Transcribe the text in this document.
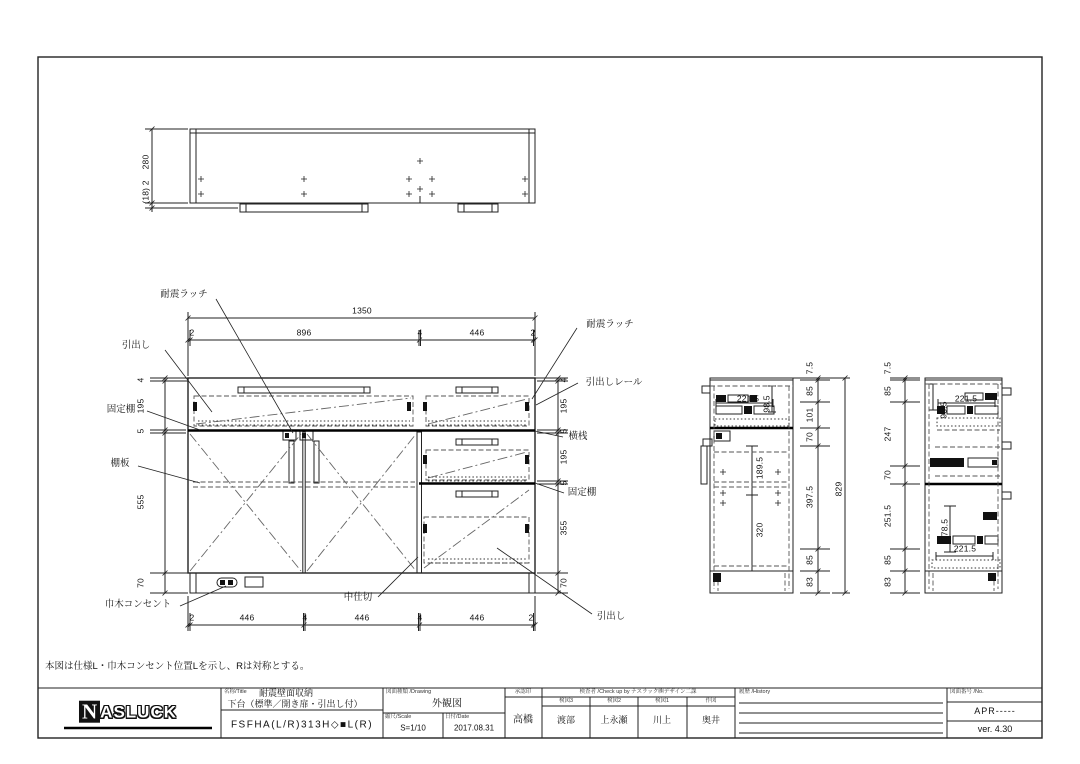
本図は仕様L・巾木コンセント位置Lを示し、Rは対称とする。
280
(18) 2
1350
2	896	4	446	2
2	446	4	446	4	446	2
4
195
5
555
70
4
195
5
195
5
355
70
耐震ラッチ
引出し
固定棚
棚板
巾木コンセント
耐震ラッチ
引出しレール
横桟
固定棚
引出し
中仕切
221.5 98.5
189.5
320
7.5
85
101
70
397.5
85
83
829
7.5
85
247
70
251.5
85
83
221.5
98.5
178.5
221.5
N ASLUCK
名称/Title 耐震壁面収納
下台（標準／開き扉・引出し付）
FSFHA(L/R)313H◇■L(R)
図面種類 /Drawing
外観図
縮尺/Scale
S=1/10
日付/Date
2017.08.31
承認印
高橋
検査者 /Check up by ナスラック㈱デザイン二課
検図3	検図2	検図1	作図
渡部	上永瀬	川上	奥井
履歴 /History	図面番号 /No.
APR-----
ver. 4.30
